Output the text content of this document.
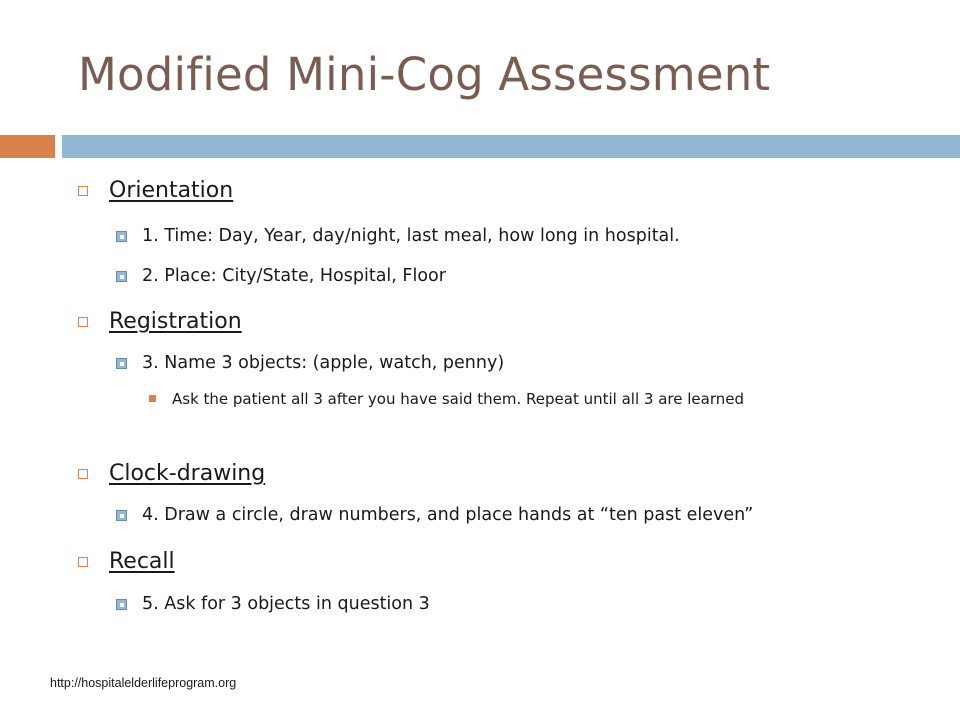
Modified Mini-Cog Assessment
Orientation
1. Time: Day, Year, day/night, last meal, how long in hospital.
2. Place: City/State, Hospital, Floor
Registration
3. Name 3 objects: (apple, watch, penny)
Ask the patient all 3 after you have said them. Repeat until all 3 are learned
Clock-drawing
4. Draw a circle, draw numbers, and place hands at “ten past eleven”
Recall
5. Ask for 3 objects in question 3
http://hospitalelderlifeprogram.org
